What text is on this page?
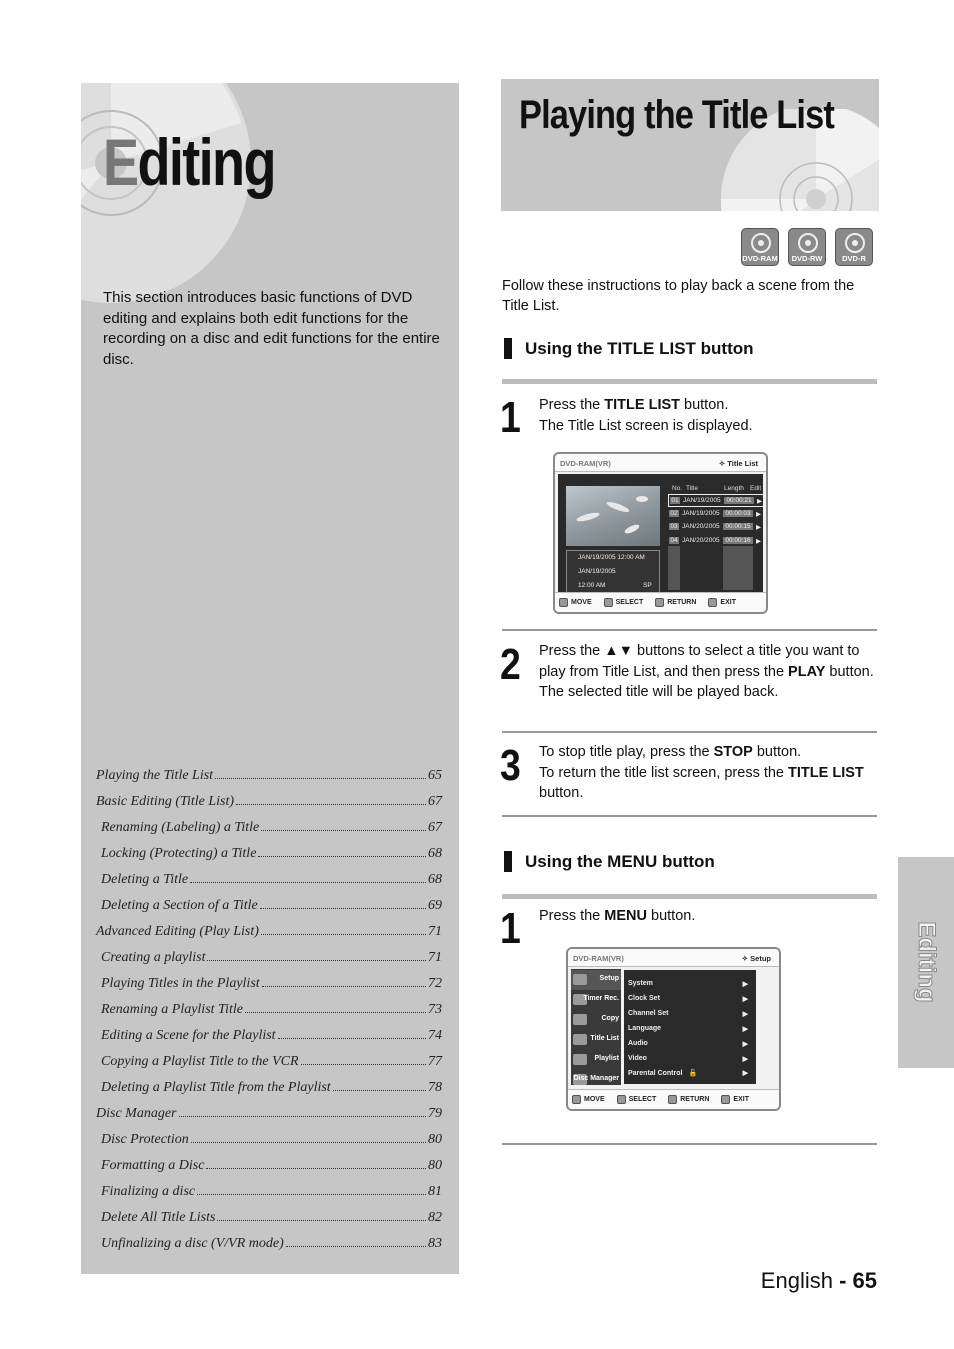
Editing

This section introduces basic functions of DVD editing and explains both edit functions for the recording on a disc and edit functions for the entire disc.

Playing the Title List	65
Basic Editing (Title List)	67
Renaming (Labeling) a Title	67
Locking (Protecting) a Title	68
Deleting a Title	68
Deleting a Section of a Title	69
Advanced Editing (Play List)	71
Creating a playlist	71
Playing Titles in the Playlist	72
Renaming a Playlist Title	73
Editing a Scene for the Playlist	74
Copying a Playlist Title to the VCR	77
Deleting a Playlist Title from the Playlist	78
Disc Manager	79
Disc Protection	80
Formatting a Disc	80
Finalizing a disc	81
Delete All Title Lists	82
Unfinalizing a disc (V/VR mode)	83
Playing the Title List
DVD-RAM	DVD-RW	DVD-R

Follow these instructions to play back a scene from the Title List.

Using the TITLE LIST button
1 Press the TITLE LIST button.
The Title List screen is displayed.
DVD-RAM(VR)	✧ Title List
JAN/19/2005 12:00 AM
JAN/19/2005
12:00 AM	SP
No. Title	Length Edit
01 JAN/19/2005 00:00:21 ▶
02 JAN/19/2005 00:00:03 ▶
03 JAN/20/2005 00:00:15 ▶
04 JAN/20/2005 00:00:16 ▶
MOVE	SELECT	RETURN	EXIT
2 Press the ▲▼ buttons to select a title you want to play from Title List, and then press the PLAY button.
The selected title will be played back.
3 To stop title play, press the STOP button.
To return the title list screen, press the TITLE LIST button.
Using the MENU button
1 Press the MENU button.
DVD-RAM(VR)	✧ Setup
Setup
Timer Rec.
Copy
Title List
Playlist
Disc Manager
System	▶
Clock Set	▶
Channel Set	▶
Language	▶
Audio	▶
Video	▶
Parental Control 🔓	▶
MOVE	SELECT	RETURN	EXIT
Editing
English - 65
